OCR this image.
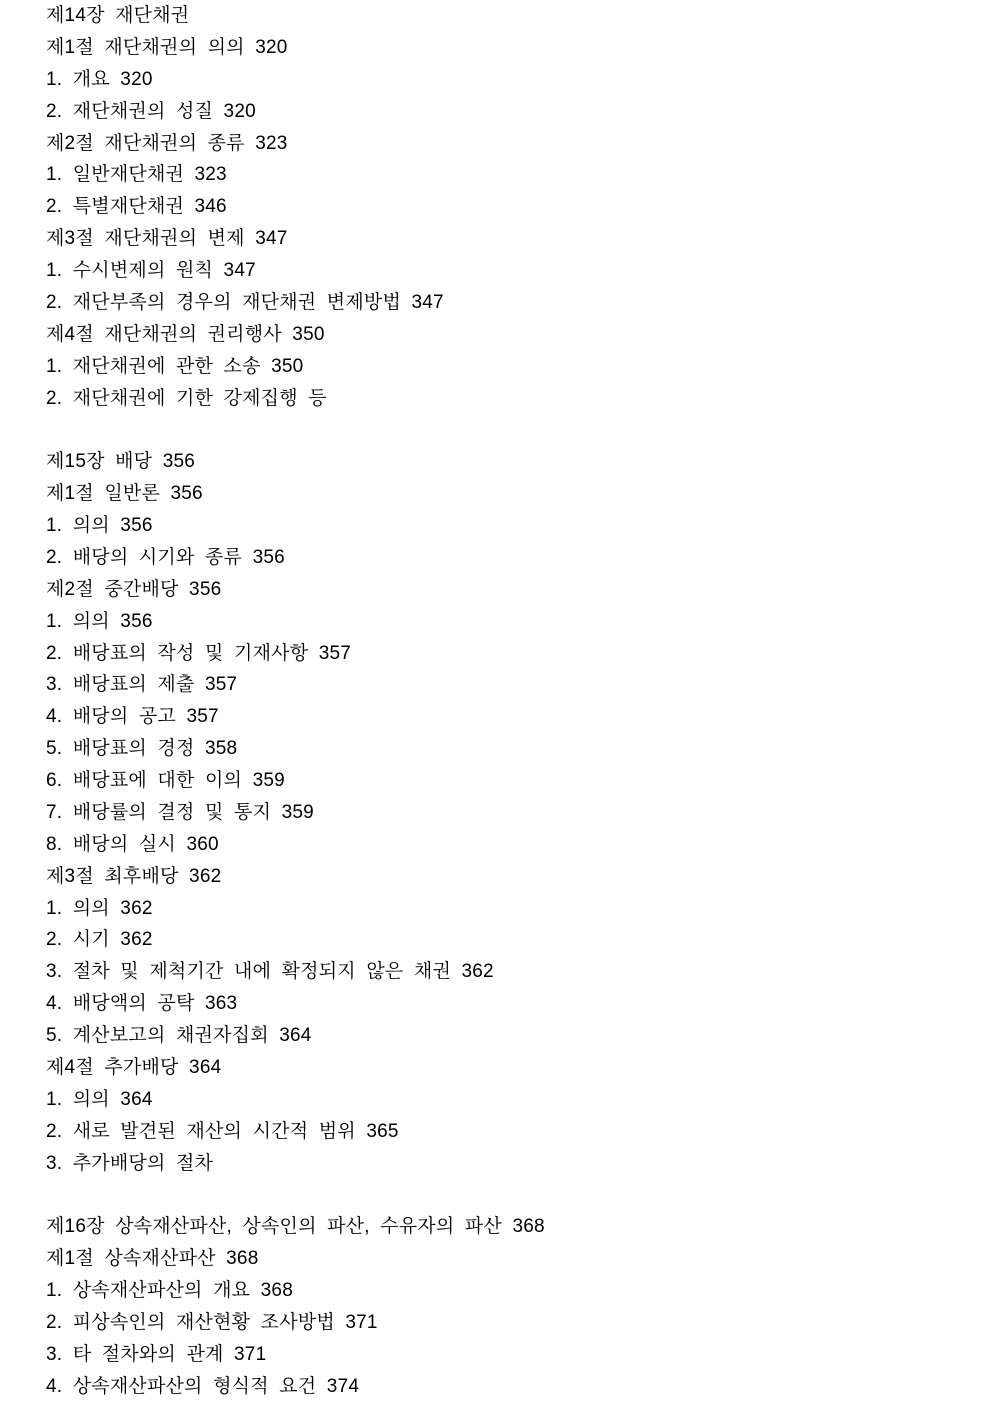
제14장 재단채권
제1절 재단채권의 의의 320
1. 개요 320
2. 재단채권의 성질 320
제2절 재단채권의 종류 323
1. 일반재단채권 323
2. 특별재단채권 346
제3절 재단채권의 변제 347
1. 수시변제의 원칙 347
2. 재단부족의 경우의 재단채권 변제방법 347
제4절 재단채권의 권리행사 350
1. 재단채권에 관한 소송 350
2. 재단채권에 기한 강제집행 등
제15장 배당 356
제1절 일반론 356
1. 의의 356
2. 배당의 시기와 종류 356
제2절 중간배당 356
1. 의의 356
2. 배당표의 작성 및 기재사항 357
3. 배당표의 제출 357
4. 배당의 공고 357
5. 배당표의 경정 358
6. 배당표에 대한 이의 359
7. 배당률의 결정 및 통지 359
8. 배당의 실시 360
제3절 최후배당 362
1. 의의 362
2. 시기 362
3. 절차 및 제척기간 내에 확정되지 않은 채권 362
4. 배당액의 공탁 363
5. 계산보고의 채권자집회 364
제4절 추가배당 364
1. 의의 364
2. 새로 발견된 재산의 시간적 범위 365
3. 추가배당의 절차
제16장 상속재산파산, 상속인의 파산, 수유자의 파산 368
제1절 상속재산파산 368
1. 상속재산파산의 개요 368
2. 피상속인의 재산현황 조사방법 371
3. 타 절차와의 관계 371
4. 상속재산파산의 형식적 요건 374
